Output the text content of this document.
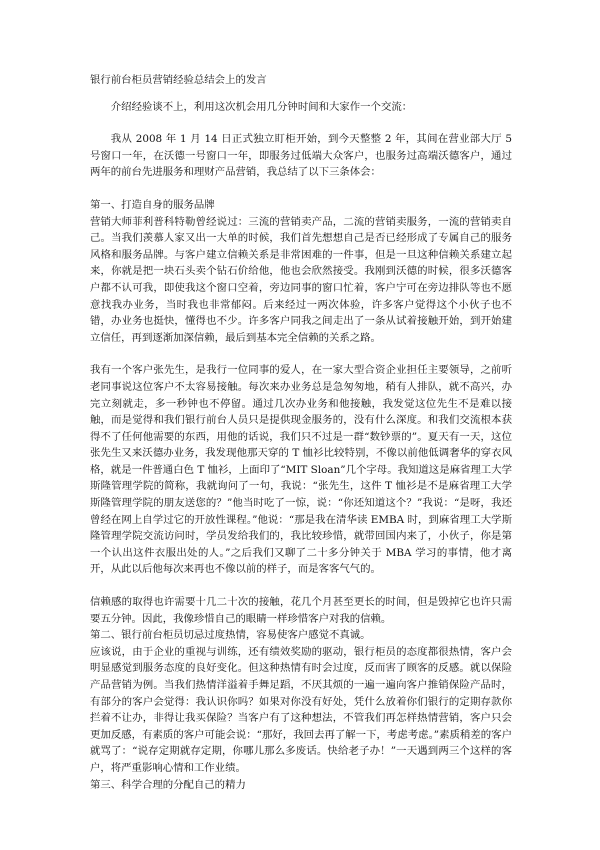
银行前台柜员营销经验总结会上的发言

介绍经验谈不上，利用这次机会用几分钟时间和大家作一个交流：

我从 2008 年 1 月 14 日正式独立盯柜开始，到今天整整 2 年，其间在营业部大厅 5 号窗口一年，在沃德一号窗口一年，即服务过低端大众客户，也服务过高端沃德客户，通过两年的前台先进服务和理财产品营销，我总结了以下三条体会：

第一、打造自身的服务品牌

营销大师菲利普科特勒曾经说过：三流的营销卖产品，二流的营销卖服务，一流的营销卖自己。当我们羡慕人家又出一大单的时候，我们首先想想自己是否已经形成了专属自己的服务风格和服务品牌。与客户建立信赖关系是非常困难的一件事，但是一旦这种信赖关系建立起来，你就是把一块石头卖个钻石价给他，他也会欣然接受。我刚到沃德的时候，很多沃德客户都不认可我，即使我这个窗口空着，旁边同事的窗口忙着，客户宁可在旁边排队等也不愿意找我办业务，当时我也非常郁闷。后来经过一两次体验，许多客户觉得这个小伙子也不错，办业务也挺快，懂得也不少。许多客户同我之间走出了一条从试着接触开始，到开始建立信任，再到逐渐加深信赖，最后到基本完全信赖的关系之路。

我有一个客户张先生，是我行一位同事的爱人，在一家大型合资企业担任主要领导，之前听老同事说这位客户不太容易接触。每次来办业务总是急匆匆地，稍有人排队，就不高兴，办完立刻就走，多一秒钟也不停留。通过几次办业务和他接触，我发觉这位先生不是难以接触，而是觉得和我们银行前台人员只是提供现金服务的，没有什么深度。和我们交流根本获得不了任何他需要的东西，用他的话说，我们只不过是一群“数钞票的”。夏天有一天，这位张先生又来沃德办业务，我发现他那天穿的 T 恤衫比较特别，不像以前他低调奢华的穿衣风格，就是一件普通白色 T 恤衫，上面印了“MIT Sloan”几个字母。我知道这是麻省理工大学斯隆管理学院的简称，我就询问了一句，我说：“张先生，这件 T 恤衫是不是麻省理工大学斯隆管理学院的朋友送您的？”他当时吃了一惊，说：“你还知道这个？”我说：“是呀，我还曾经在网上自学过它的开放性课程。”他说：“那是我在清华读 EMBA 时，到麻省理工大学斯隆管理学院交流访问时，学员发给我们的，我比较珍惜，就带回国内来了，小伙子，你是第一个认出这件衣服出处的人。”之后我们又聊了二十多分钟关于 MBA 学习的事情，他才离开，从此以后他每次来再也不像以前的样子，而是客客气气的。

信赖感的取得也许需要十几二十次的接触，花几个月甚至更长的时间，但是毁掉它也许只需要五分钟。因此，我像珍惜自己的眼睛一样珍惜客户对我的信赖。

第二、银行前台柜员切忌过度热情，容易使客户感觉不真诚。

应该说，由于企业的重视与训练，还有绩效奖励的驱动，银行柜员的态度都很热情，客户会明显感觉到服务态度的良好变化。但这种热情有时会过度，反而害了顾客的反感。就以保险产品营销为例。当我们热情洋溢着手舞足蹈，不厌其烦的一遍一遍向客户推销保险产品时，有部分的客户会觉得：我认识你吗？如果对你没有好处，凭什么放着你们银行的定期存款你拦着不让办，非得让我买保险？当客户有了这种想法，不管我们再怎样热情营销，客户只会更加反感，有素质的客户可能会说：“那好，我回去再了解一下，考虑考虑。”素质稍差的客户就骂了：“说存定期就存定期，你哪儿那么多废话。快给老子办！”一天遇到两三个这样的客户，将严重影响心情和工作业绩。

第三、科学合理的分配自己的精力
